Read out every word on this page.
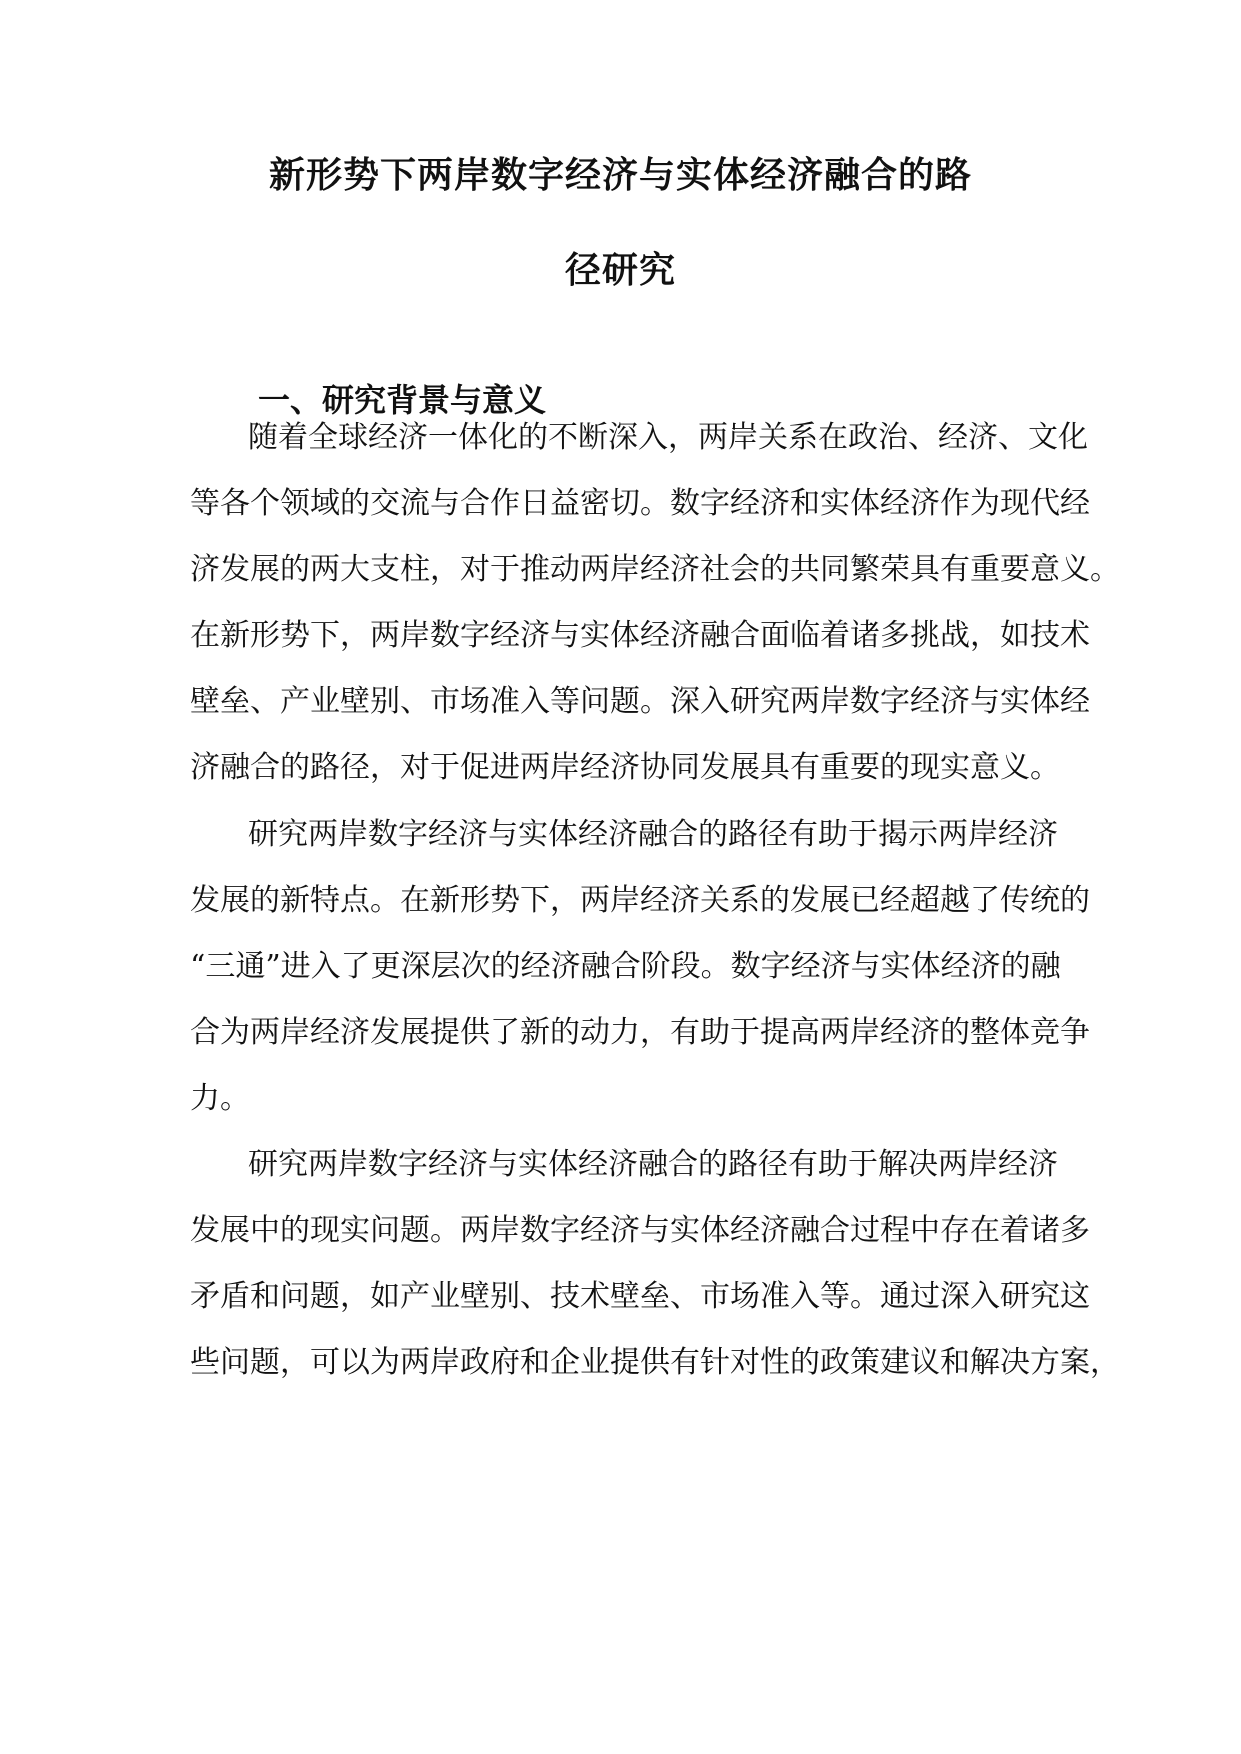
新形势下两岸数字经济与实体经济融合的路
径研究
一、研究背景与意义
随着全球经济一体化的不断深入，两岸关系在政治、经济、文化
等各个领域的交流与合作日益密切。数字经济和实体经济作为现代经
济发展的两大支柱，对于推动两岸经济社会的共同繁荣具有重要意义。
在新形势下，两岸数字经济与实体经济融合面临着诸多挑战，如技术
壁垒、产业壁别、市场准入等问题。深入研究两岸数字经济与实体经
济融合的路径，对于促进两岸经济协同发展具有重要的现实意义。
研究两岸数字经济与实体经济融合的路径有助于揭示两岸经济
发展的新特点。在新形势下，两岸经济关系的发展已经超越了传统的
“三通”进入了更深层次的经济融合阶段。数字经济与实体经济的融
合为两岸经济发展提供了新的动力，有助于提高两岸经济的整体竞争
力。
研究两岸数字经济与实体经济融合的路径有助于解决两岸经济
发展中的现实问题。两岸数字经济与实体经济融合过程中存在着诸多
矛盾和问题，如产业壁别、技术壁垒、市场准入等。通过深入研究这
些问题，可以为两岸政府和企业提供有针对性的政策建议和解决方案，
